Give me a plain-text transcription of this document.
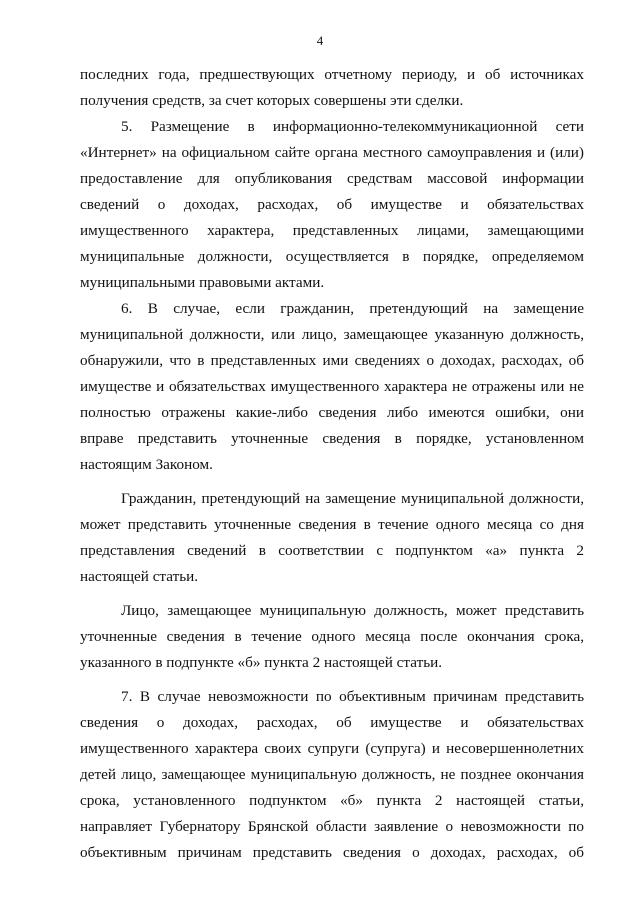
4

последних года, предшествующих отчетному периоду, и об источниках получения средств, за счет которых совершены эти сделки.

5. Размещение в информационно-телекоммуникационной сети «Интернет» на официальном сайте органа местного самоуправления и (или) предоставление для опубликования средствам массовой информации сведений о доходах, расходах, об имуществе и обязательствах имущественного характера, представленных лицами, замещающими муниципальные должности, осуществляется в порядке, определяемом муниципальными правовыми актами.

6. В случае, если гражданин, претендующий на замещение муниципальной должности, или лицо, замещающее указанную должность, обнаружили, что в представленных ими сведениях о доходах, расходах, об имуществе и обязательствах имущественного характера не отражены или не полностью отражены какие-либо сведения либо имеются ошибки, они вправе представить уточненные сведения в порядке, установленном настоящим Законом.

Гражданин, претендующий на замещение муниципальной должности, может представить уточненные сведения в течение одного месяца со дня представления сведений в соответствии с подпунктом «а» пункта 2 настоящей статьи.

Лицо, замещающее муниципальную должность, может представить уточненные сведения в течение одного месяца после окончания срока, указанного в подпункте «б» пункта 2 настоящей статьи.

7. В случае невозможности по объективным причинам представить сведения о доходах, расходах, об имуществе и обязательствах имущественного характера своих супруги (супруга) и несовершеннолетних детей лицо, замещающее муниципальную должность, не позднее окончания срока, установленного подпунктом «б» пункта 2 настоящей статьи, направляет Губернатору Брянской области заявление о невозможности по объективным причинам представить сведения о доходах, расходах, об
